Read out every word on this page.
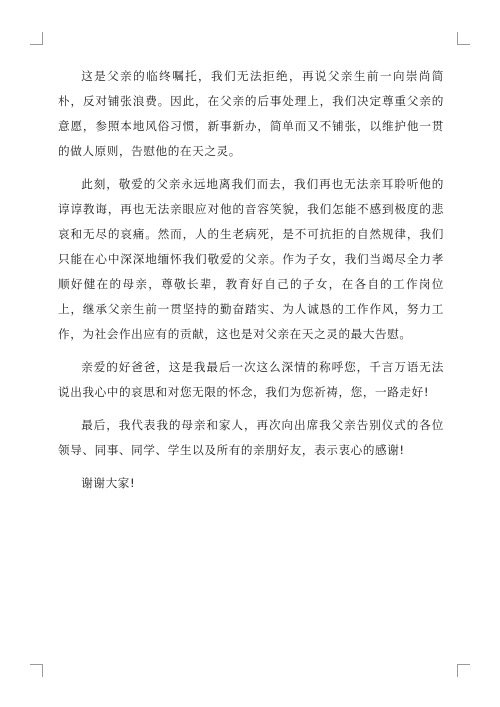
这是父亲的临终嘱托，我们无法拒绝，再说父亲生前一向崇尚简朴，反对铺张浪费。因此，在父亲的后事处理上，我们决定尊重父亲的意愿，参照本地风俗习惯，新事新办，简单而又不铺张，以维护他一贯的做人原则，告慰他的在天之灵。

此刻，敬爱的父亲永远地离我们而去，我们再也无法亲耳聆听他的谆谆教诲，再也无法亲眼应对他的音容笑貌，我们怎能不感到极度的悲哀和无尽的哀痛。然而，人的生老病死，是不可抗拒的自然规律，我们只能在心中深深地缅怀我们敬爱的父亲。作为子女，我们当竭尽全力孝顺好健在的母亲，尊敬长辈，教育好自己的子女，在各自的工作岗位上，继承父亲生前一贯坚持的勤奋踏实、为人诚恳的工作作风，努力工作，为社会作出应有的贡献，这也是对父亲在天之灵的最大告慰。

亲爱的好爸爸，这是我最后一次这么深情的称呼您，千言万语无法说出我心中的哀思和对您无限的怀念，我们为您祈祷，您，一路走好!

最后，我代表我的母亲和家人，再次向出席我父亲告别仪式的各位领导、同事、同学、学生以及所有的亲朋好友，表示衷心的感谢!

谢谢大家!
